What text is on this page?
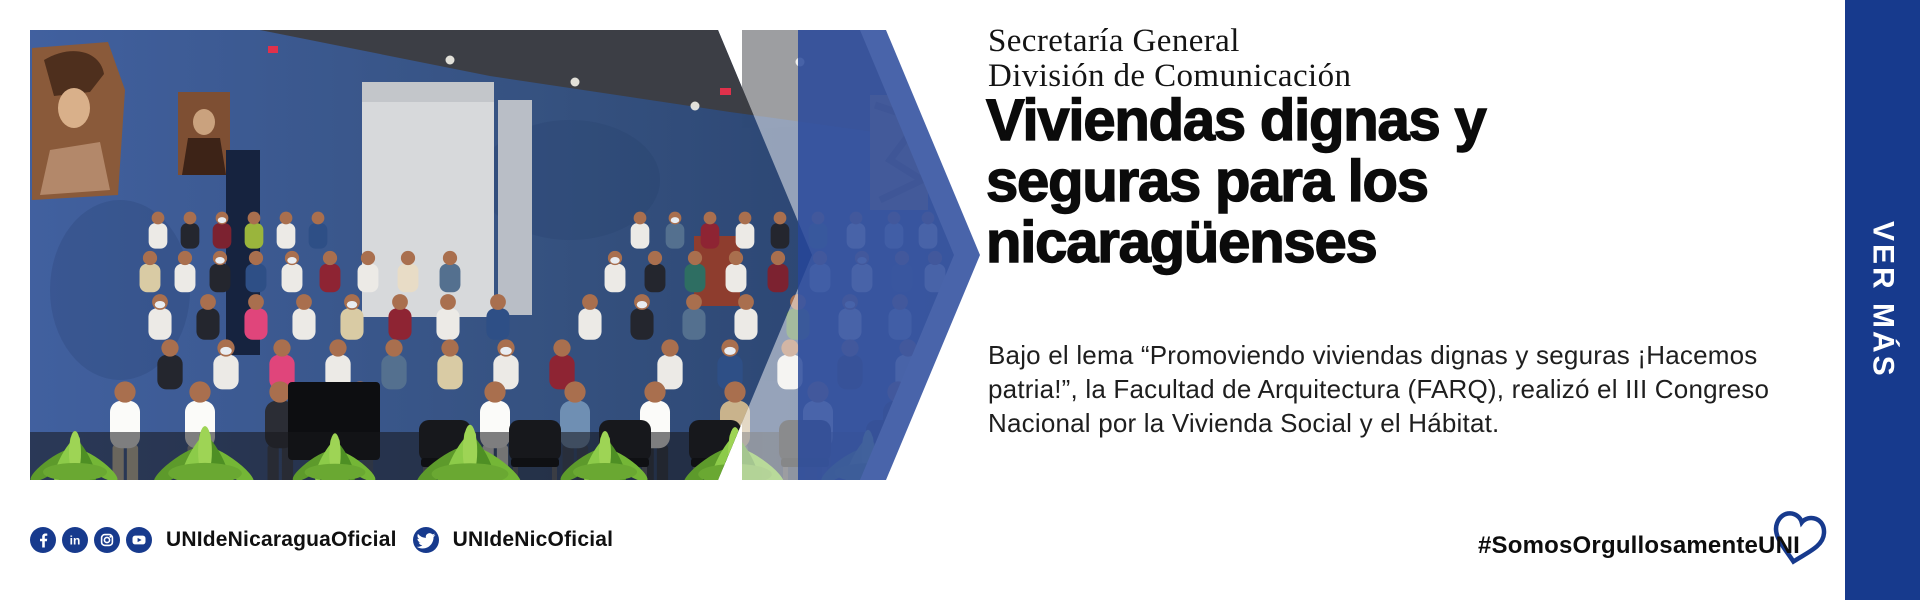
Secretaría General
División de Comunicación
Viviendas dignas y
seguras para los
nicaragüenses
Bajo el lema “Promoviendo viviendas dignas y seguras ¡Hacemos
patria!”, la Facultad de Arquitectura (FARQ), realizó el III Congreso
Nacional por la Vivienda Social y el Hábitat.
in	UNIdeNicaraguaOficial	UNIdeNicOficial	#SomosOrgullosamenteUNI
VER MÁS
